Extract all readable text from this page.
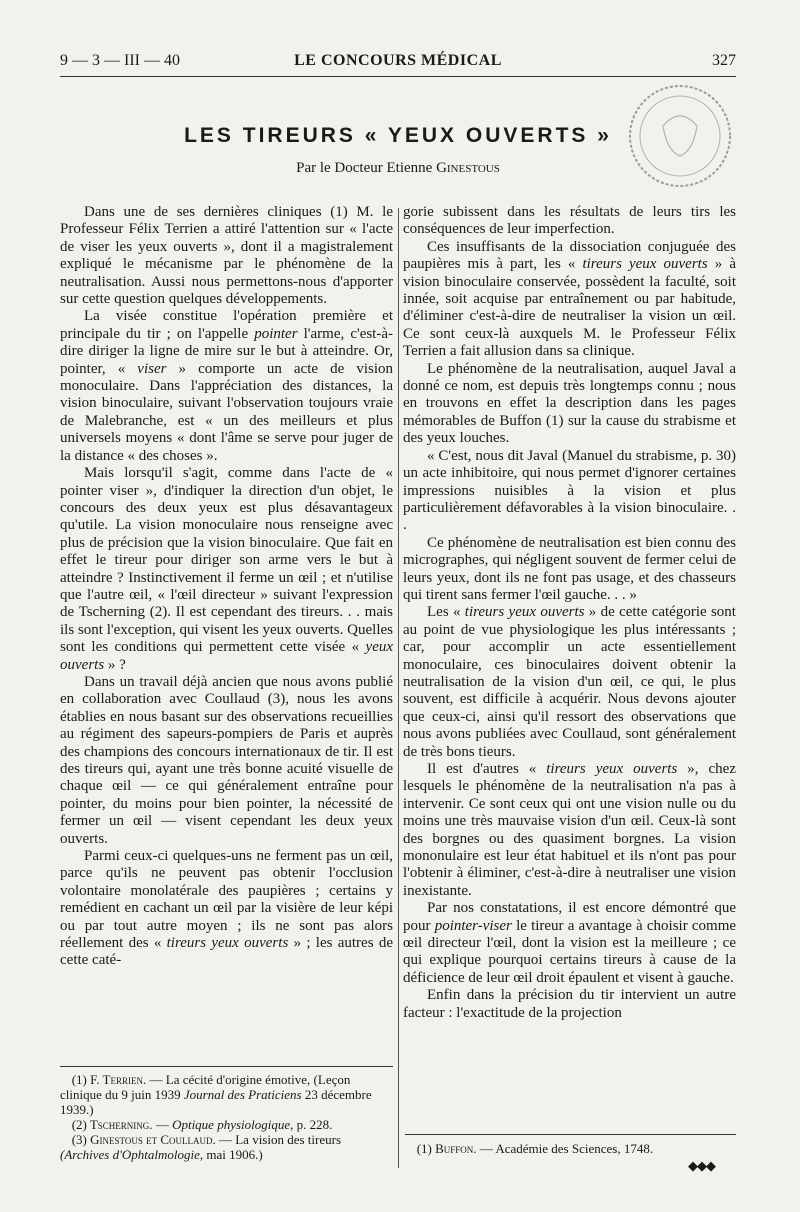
9 — 3 — III — 40	LE CONCOURS MÉDICAL	327
LES TIREURS « YEUX OUVERTS »
Par le Docteur Etienne Ginestous

Dans une de ses dernières cliniques (1) M. le Professeur Félix Terrien a attiré l'attention sur « l'acte de viser les yeux ouverts », dont il a magistralement expliqué le mécanisme par le phénomène de la neutralisation. Aussi nous permettons-nous d'apporter sur cette question quelques développements.

La visée constitue l'opération première et principale du tir ; on l'appelle pointer l'arme, c'est-à-dire diriger la ligne de mire sur le but à atteindre. Or, pointer, « viser » comporte un acte de vision monoculaire. Dans l'appréciation des distances, la vision binoculaire, suivant l'observation toujours vraie de Malebranche, est « un des meilleurs et plus universels moyens « dont l'âme se serve pour juger de la distance « des choses ».

Mais lorsqu'il s'agit, comme dans l'acte de « pointer viser », d'indiquer la direction d'un objet, le concours des deux yeux est plus désavantageux qu'utile. La vision monoculaire nous renseigne avec plus de précision que la vision binoculaire. Que fait en effet le tireur pour diriger son arme vers le but à atteindre ? Instinctivement il ferme un œil ; et n'utilise que l'autre œil, « l'œil directeur » suivant l'expression de Tscherning (2). Il est cependant des tireurs. . . mais ils sont l'exception, qui visent les yeux ouverts. Quelles sont les conditions qui permettent cette visée « yeux ouverts » ?

Dans un travail déjà ancien que nous avons publié en collaboration avec Coullaud (3), nous les avons établies en nous basant sur des observations recueillies au régiment des sapeurs-pompiers de Paris et auprès des champions des concours internationaux de tir. Il est des tireurs qui, ayant une très bonne acuité visuelle de chaque œil — ce qui généralement entraîne pour pointer, du moins pour bien pointer, la nécessité de fermer un œil — visent cependant les deux yeux ouverts.

Parmi ceux-ci quelques-uns ne ferment pas un œil, parce qu'ils ne peuvent pas obtenir l'occlusion volontaire monolatérale des paupières ; certains y remédient en cachant un œil par la visière de leur képi ou par tout autre moyen ; ils ne sont pas alors réellement des « tireurs yeux ouverts » ; les autres de cette caté-

gorie subissent dans les résultats de leurs tirs les conséquences de leur imperfection.

Ces insuffisants de la dissociation conjuguée des paupières mis à part, les « tireurs yeux ouverts » à vision binoculaire conservée, possèdent la faculté, soit innée, soit acquise par entraînement ou par habitude, d'éliminer c'est-à-dire de neutraliser la vision un œil. Ce sont ceux-là auxquels M. le Professeur Félix Terrien a fait allusion dans sa clinique.

Le phénomène de la neutralisation, auquel Javal a donné ce nom, est depuis très longtemps connu ; nous en trouvons en effet la description dans les pages mémorables de Buffon (1) sur la cause du strabisme et des yeux louches.

« C'est, nous dit Javal (Manuel du strabisme, p. 30) un acte inhibitoire, qui nous permet d'ignorer certaines impressions nuisibles à la vision et plus particulièrement défavorables à la vision binoculaire. . .

Ce phénomène de neutralisation est bien connu des micrographes, qui négligent souvent de fermer celui de leurs yeux, dont ils ne font pas usage, et des chasseurs qui tirent sans fermer l'œil gauche. . . »

Les « tireurs yeux ouverts » de cette catégorie sont au point de vue physiologique les plus intéressants ; car, pour accomplir un acte essentiellement monoculaire, ces binoculaires doivent obtenir la neutralisation de la vision d'un œil, ce qui, le plus souvent, est difficile à acquérir. Nous devons ajouter que ceux-ci, ainsi qu'il ressort des observations que nous avons publiées avec Coullaud, sont généralement de très bons tieurs.

Il est d'autres « tireurs yeux ouverts », chez lesquels le phénomène de la neutralisation n'a pas à intervenir. Ce sont ceux qui ont une vision nulle ou du moins une très mauvaise vision d'un œil. Ceux-là sont des borgnes ou des quasiment borgnes. La vision mononulaire est leur état habituel et ils n'ont pas pour l'obtenir à éliminer, c'est-à-dire à neutraliser une vision inexistante.

Par nos constatations, il est encore démontré que pour pointer-viser le tireur a avantage à choisir comme œil directeur l'œil, dont la vision est la meilleure ; ce qui explique pourquoi certains tireurs à cause de la déficience de leur œil droit épaulent et visent à gauche.

Enfin dans la précision du tir intervient un autre facteur : l'exactitude de la projection

(1) F. Terrien. — La cécité d'origine émotive, (Leçon clinique du 9 juin 1939 Journal des Praticiens 23 décembre 1939.)

(2) Tscherning. — Optique physiologique, p. 228.

(3) Ginestous et Coullaud. — La vision des tireurs (Archives d'Ophtalmologie, mai 1906.)	(1) Buffon. — Académie des Sciences, 1748.

◆◆◆
